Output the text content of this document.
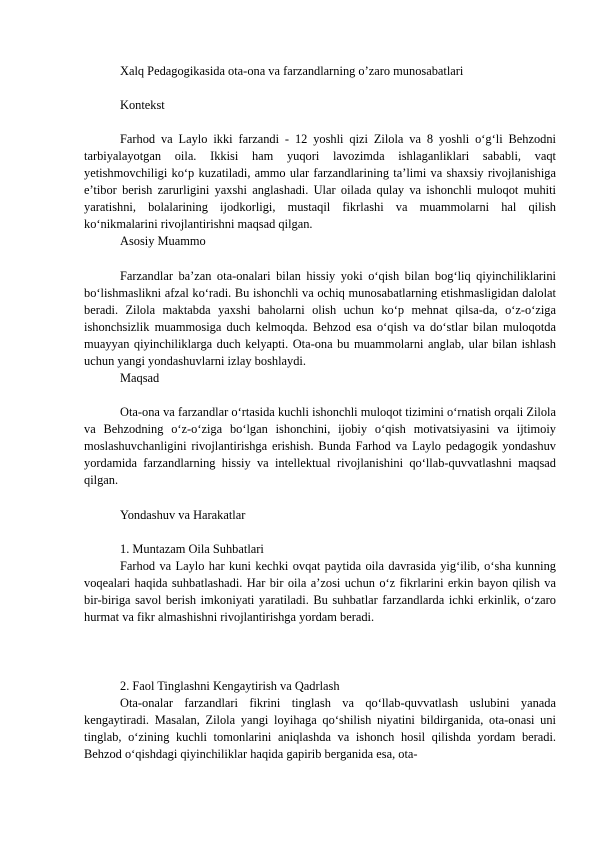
Xalq Pedagogikasida ota-ona va farzandlarning o’zaro munosabatlari
Kontekst

Farhod va Laylo ikki farzandi - 12 yoshli qizi Zilola va 8 yoshli o‘g‘li Behzodni tarbiyalayotgan oila. Ikkisi ham yuqori lavozimda ishlaganliklari sababli, vaqt yetishmovchiligi ko‘p kuzatiladi, ammo ular farzandlarining ta’limi va shaxsiy rivojlanishiga e’tibor berish zarurligini yaxshi anglashadi. Ular oilada qulay va ishonchli muloqot muhiti yaratishni, bolalarining ijodkorligi, mustaqil fikrlashi va muammolarni hal qilish ko‘nikmalarini rivojlantirishni maqsad qilgan.

Asosiy Muammo

Farzandlar ba’zan ota-onalari bilan hissiy yoki o‘qish bilan bog‘liq qiyinchiliklarini bo‘lishmaslikni afzal ko‘radi. Bu ishonchli va ochiq munosabatlarning etishmasligidan dalolat beradi. Zilola maktabda yaxshi baholarni olish uchun ko‘p mehnat qilsa-da, o‘z-o‘ziga ishonchsizlik muammosiga duch kelmoqda. Behzod esa o‘qish va do‘stlar bilan muloqotda muayyan qiyinchiliklarga duch kelyapti. Ota-ona bu muammolarni anglab, ular bilan ishlash uchun yangi yondashuvlarni izlay boshlaydi.

Maqsad

Ota-ona va farzandlar o‘rtasida kuchli ishonchli muloqot tizimini o‘rnatish orqali Zilola va Behzodning o‘z-o‘ziga bo‘lgan ishonchini, ijobiy o‘qish motivatsiyasini va ijtimoiy moslashuvchanligini rivojlantirishga erishish. Bunda Farhod va Laylo pedagogik yondashuv yordamida farzandlarning hissiy va intellektual rivojlanishini qo‘llab-quvvatlashni maqsad qilgan.

Yondashuv va Harakatlar
1. Muntazam Oila Suhbatlari

Farhod va Laylo har kuni kechki ovqat paytida oila davrasida yig‘ilib, o‘sha kunning voqealari haqida suhbatlashadi. Har bir oila a’zosi uchun o‘z fikrlarini erkin bayon qilish va bir-biriga savol berish imkoniyati yaratiladi. Bu suhbatlar farzandlarda ichki erkinlik, o‘zaro hurmat va fikr almashishni rivojlantirishga yordam beradi.

2. Faol Tinglashni Kengaytirish va Qadrlash

Ota-onalar farzandlari fikrini tinglash va qo‘llab-quvvatlash uslubini yanada kengaytiradi. Masalan, Zilola yangi loyihaga qo‘shilish niyatini bildirganida, ota-onasi uni tinglab, o‘zining kuchli tomonlarini aniqlashda va ishonch hosil qilishda yordam beradi. Behzod o‘qishdagi qiyinchiliklar haqida gapirib berganida esa, ota-
